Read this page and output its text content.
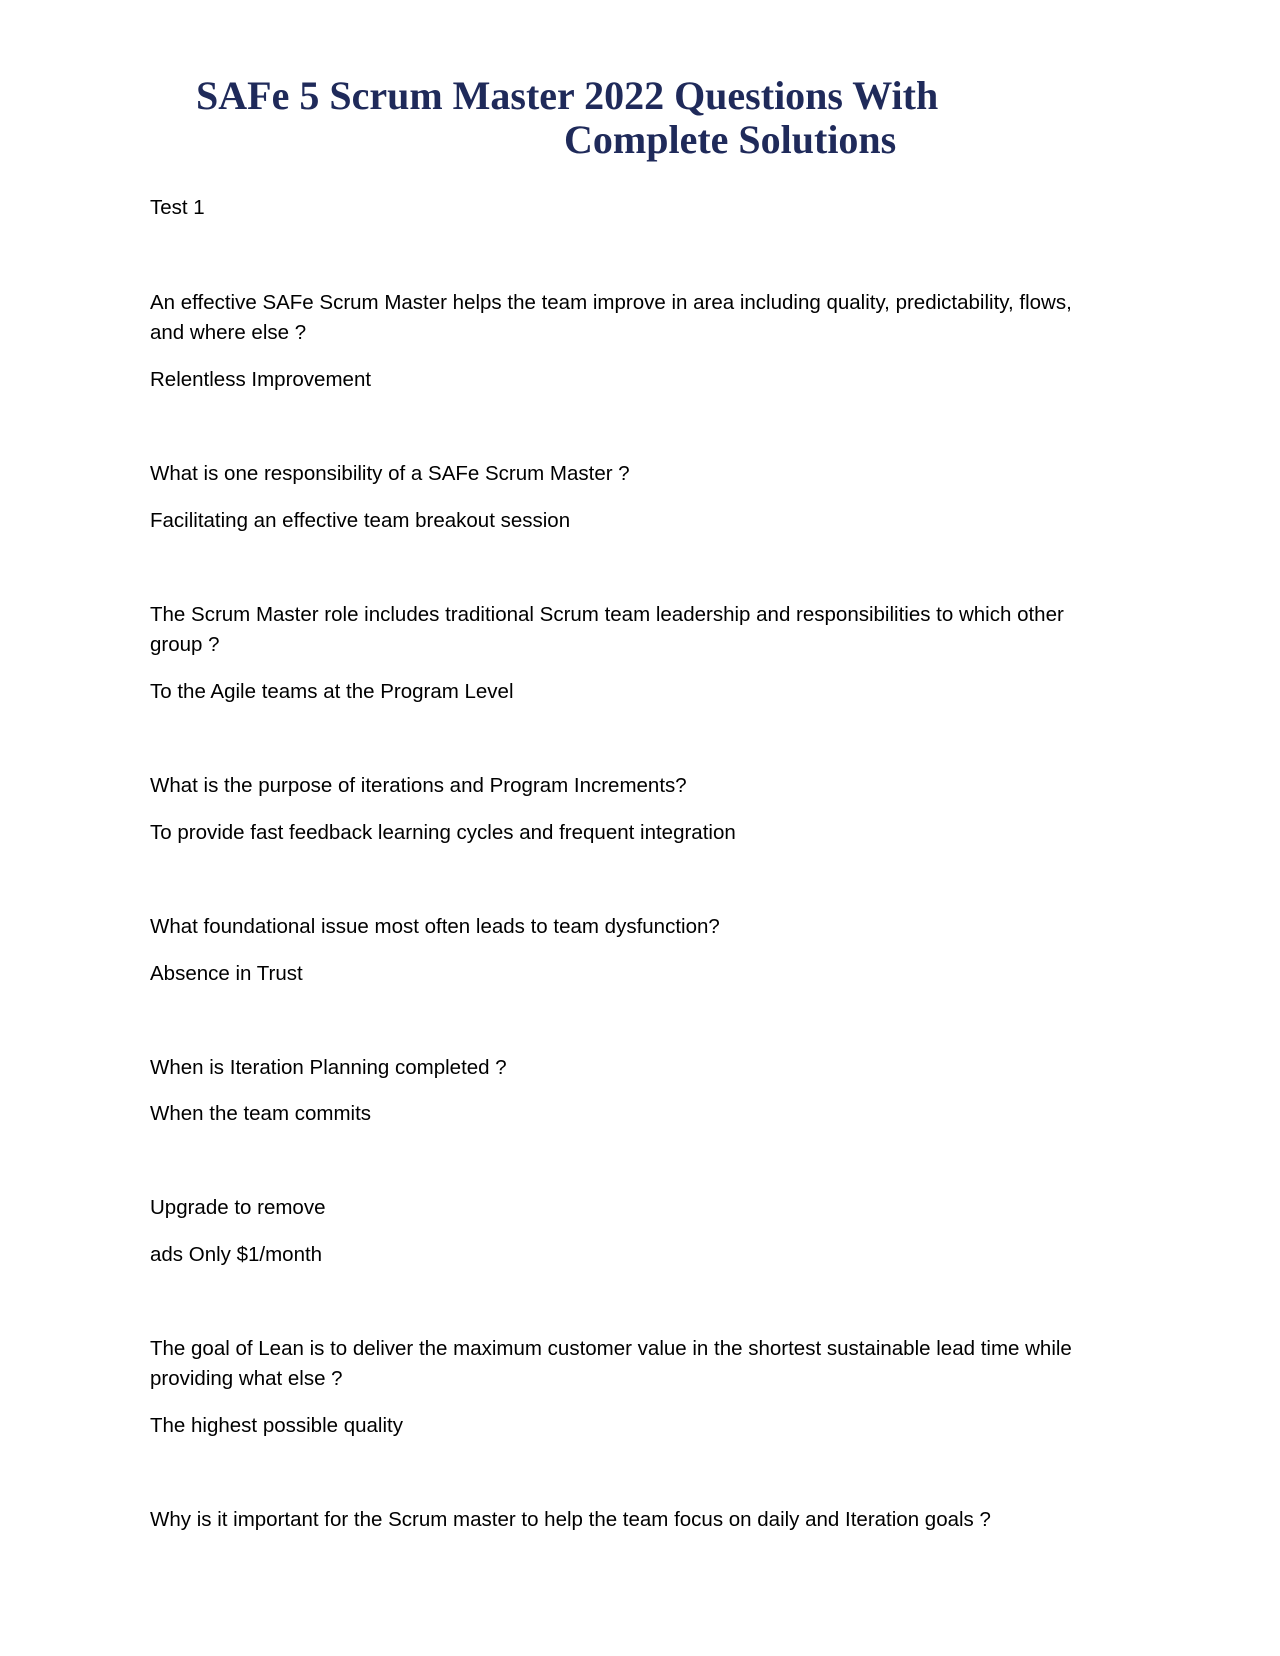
SAFe 5 Scrum Master 2022 Questions With
Complete Solutions

Test 1

An effective SAFe Scrum Master helps the team improve in area including quality, predictability, flows, and where else ?

Relentless Improvement

What is one responsibility of a SAFe Scrum Master ?

Facilitating an effective team breakout session

The Scrum Master role includes traditional Scrum team leadership and responsibilities to which other group ?

To the Agile teams at the Program Level

What is the purpose of iterations and Program Increments?

To provide fast feedback learning cycles and frequent integration

What foundational issue most often leads to team dysfunction?

Absence in Trust

When is Iteration Planning completed ?

When the team commits

Upgrade to remove

ads Only $1/month

The goal of Lean is to deliver the maximum customer value in the shortest sustainable lead time while providing what else ?

The highest possible quality

Why is it important for the Scrum master to help the team focus on daily and Iteration goals ?
